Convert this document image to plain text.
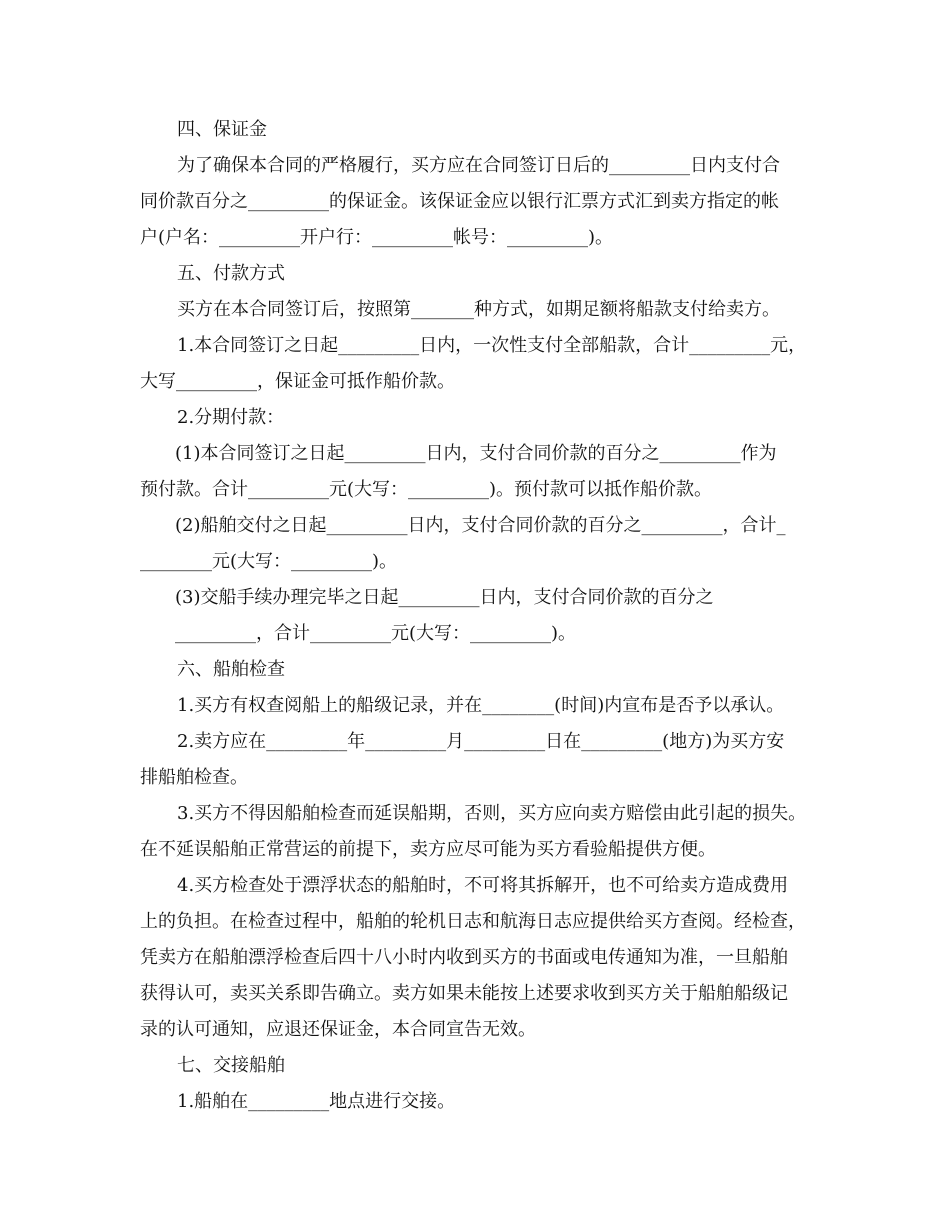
四、保证金
为了确保本合同的严格履行，买方应在合同签订日后的_________日内支付合
同价款百分之_________的保证金。该保证金应以银行汇票方式汇到卖方指定的帐
户(户名：_________开户行：_________帐号：_________)。
五、付款方式
买方在本合同签订后，按照第_______种方式，如期足额将船款支付给卖方。
1.本合同签订之日起_________日内，一次性支付全部船款，合计_________元，
大写_________，保证金可抵作船价款。
2.分期付款：
(1)本合同签订之日起_________日内，支付合同价款的百分之_________作为
预付款。合计_________元(大写：_________)。预付款可以抵作船价款。
(2)船舶交付之日起_________日内，支付合同价款的百分之_________，合计_
________元(大写：_________)。
(3)交船手续办理完毕之日起_________日内，支付合同价款的百分之
_________，合计_________元(大写：_________)。
六、船舶检查
1.买方有权查阅船上的船级记录，并在________(时间)内宣布是否予以承认。
2.卖方应在_________年_________月_________日在_________(地方)为买方安
排船舶检查。
3.买方不得因船舶检查而延误船期，否则，买方应向卖方赔偿由此引起的损失。
在不延误船舶正常营运的前提下，卖方应尽可能为买方看验船提供方便。
4.买方检查处于漂浮状态的船舶时，不可将其拆解开，也不可给卖方造成费用
上的负担。在检查过程中，船舶的轮机日志和航海日志应提供给买方查阅。经检查，
凭卖方在船舶漂浮检查后四十八小时内收到买方的书面或电传通知为准，一旦船舶
获得认可，卖买关系即告确立。卖方如果未能按上述要求收到买方关于船舶船级记
录的认可通知，应退还保证金，本合同宣告无效。
七、交接船舶
1.船舶在_________地点进行交接。
